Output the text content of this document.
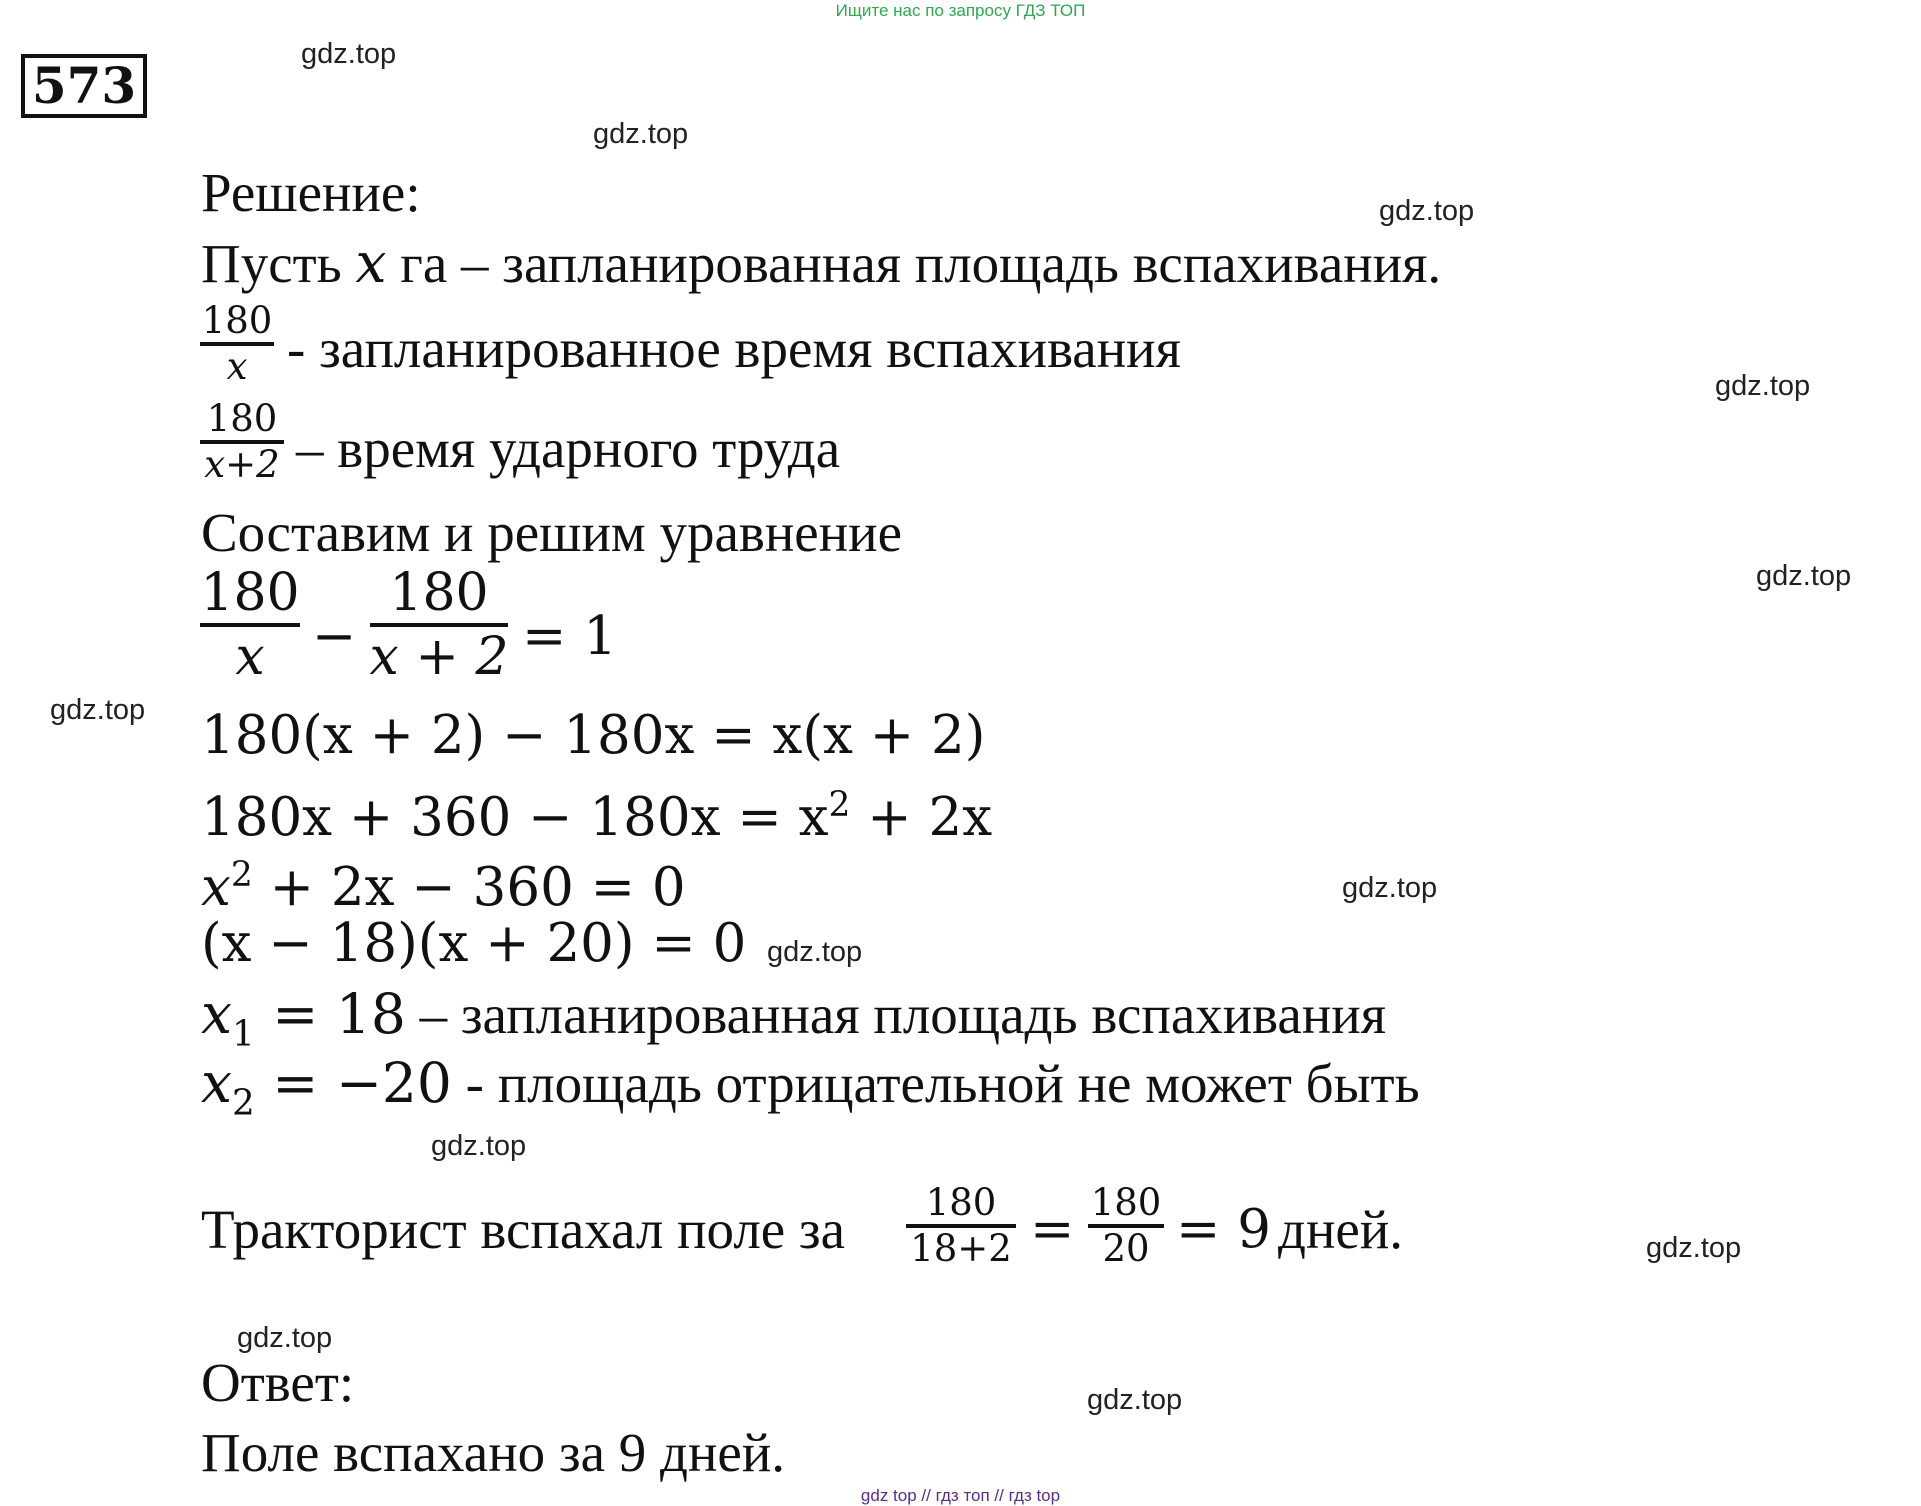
Ищите нас по запросу ГДЗ ТОП
573
gdz.top
gdz.top
gdz.top
gdz.top
gdz.top
gdz.top
gdz.top
gdz.top
gdz.top
gdz.top
gdz.top
gdz.top
Решение:
Пусть x га – запланированная площадь вспахивания.
180
x - запланированное время вспахивания
180
x+2 – время ударного труда
Составим и решим уравнение
180
x −
180
x + 2 = 1
180(x + 2) − 180x = x(x + 2)
$180x + 360 - 180x = x^2 + 2x$
$x^2 + 2x - 360 = 0$
(x − 18)(x + 20) = 0
$x_1 = 18$ – запланированная площадь вспахивания
$x_2 = -20$ - площадь отрицательной не может быть
Тракторист вспахал поле за 180
18+2 = 180
20 = 9 дней.
Ответ:
Поле вспахано за 9 дней.
gdz top // гдз топ // гдз top
